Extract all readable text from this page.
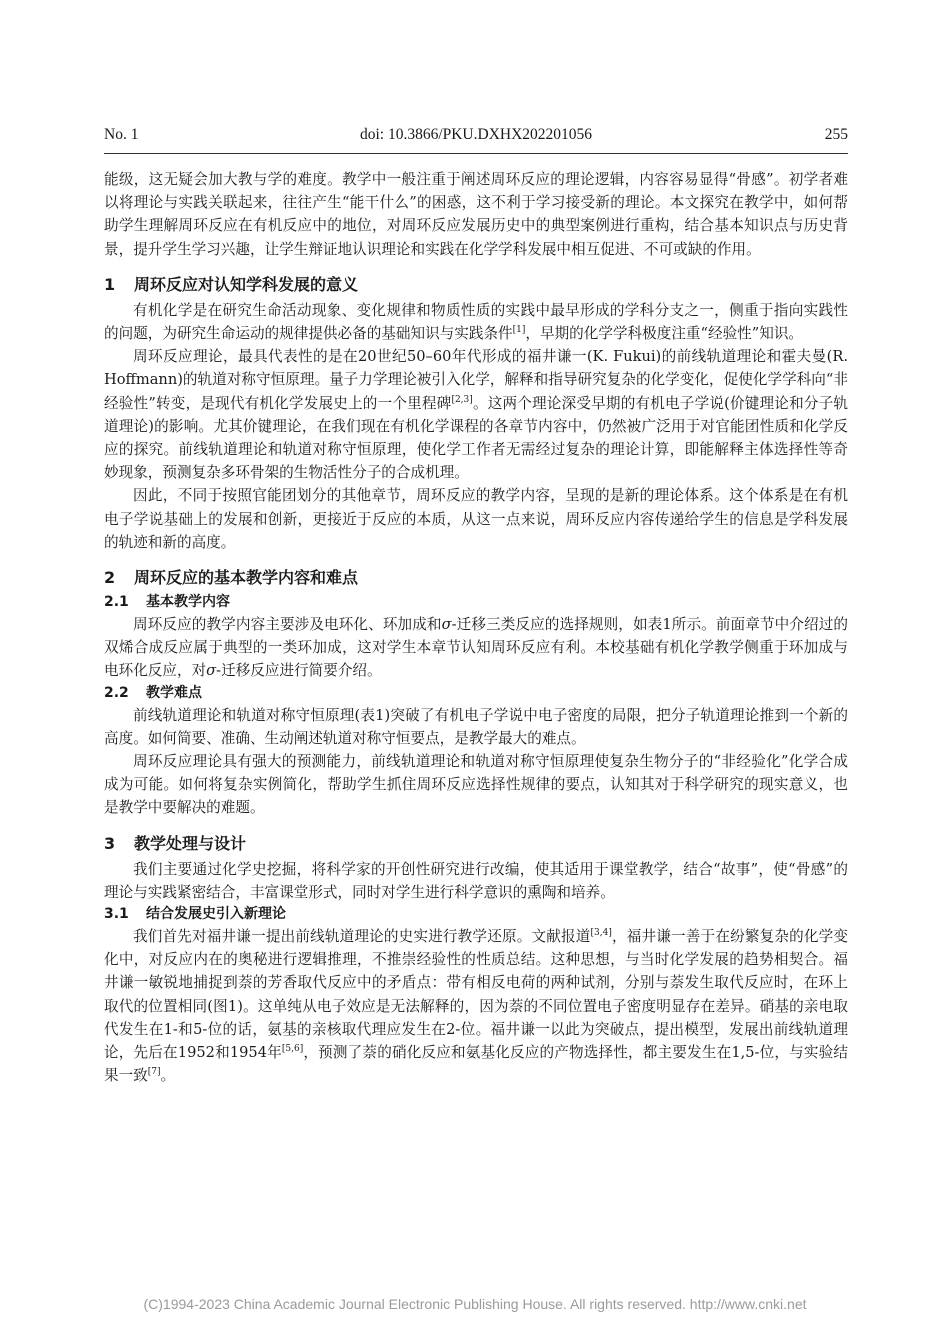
No. 1	doi: 10.3866/PKU.DXHX202201056	255

能级，这无疑会加大教与学的难度。教学中一般注重于阐述周环反应的理论逻辑，内容容易显得“骨感”。初学者难以将理论与实践关联起来，往往产生“能干什么”的困惑，这不利于学习接受新的理论。本文探究在教学中，如何帮助学生理解周环反应在有机反应中的地位，对周环反应发展历史中的典型案例进行重构，结合基本知识点与历史背景，提升学生学习兴趣，让学生辩证地认识理论和实践在化学学科发展中相互促进、不可或缺的作用。

1 周环反应对认知学科发展的意义

有机化学是在研究生命活动现象、变化规律和物质性质的实践中最早形成的学科分支之一，侧重于指向实践性的问题，为研究生命运动的规律提供必备的基础知识与实践条件[1]，早期的化学学科极度注重“经验性”知识。

周环反应理论，最具代表性的是在20世纪50–60年代形成的福井谦一(K. Fukui)的前线轨道理论和霍夫曼(R. Hoffmann)的轨道对称守恒原理。量子力学理论被引入化学，解释和指导研究复杂的化学变化，促使化学学科向“非经验性”转变，是现代有机化学发展史上的一个里程碑[2,3]。这两个理论深受早期的有机电子学说(价键理论和分子轨道理论)的影响。尤其价键理论，在我们现在有机化学课程的各章节内容中，仍然被广泛用于对官能团性质和化学反应的探究。前线轨道理论和轨道对称守恒原理，使化学工作者无需经过复杂的理论计算，即能解释主体选择性等奇妙现象，预测复杂多环骨架的生物活性分子的合成机理。

因此，不同于按照官能团划分的其他章节，周环反应的教学内容，呈现的是新的理论体系。这个体系是在有机电子学说基础上的发展和创新，更接近于反应的本质，从这一点来说，周环反应内容传递给学生的信息是学科发展的轨迹和新的高度。

2 周环反应的基本教学内容和难点
2.1 基本教学内容

周环反应的教学内容主要涉及电环化、环加成和σ-迁移三类反应的选择规则，如表1所示。前面章节中介绍过的双烯合成反应属于典型的一类环加成，这对学生本章节认知周环反应有利。本校基础有机化学教学侧重于环加成与电环化反应，对σ-迁移反应进行简要介绍。

2.2 教学难点

前线轨道理论和轨道对称守恒原理(表1)突破了有机电子学说中电子密度的局限，把分子轨道理论推到一个新的高度。如何简要、准确、生动阐述轨道对称守恒要点，是教学最大的难点。

周环反应理论具有强大的预测能力，前线轨道理论和轨道对称守恒原理使复杂生物分子的“非经验化”化学合成成为可能。如何将复杂实例简化，帮助学生抓住周环反应选择性规律的要点，认知其对于科学研究的现实意义，也是教学中要解决的难题。

3 教学处理与设计

我们主要通过化学史挖掘，将科学家的开创性研究进行改编，使其适用于课堂教学，结合“故事”，使“骨感”的理论与实践紧密结合，丰富课堂形式，同时对学生进行科学意识的熏陶和培养。

3.1 结合发展史引入新理论

我们首先对福井谦一提出前线轨道理论的史实进行教学还原。文献报道[3,4]，福井谦一善于在纷繁复杂的化学变化中，对反应内在的奥秘进行逻辑推理，不推崇经验性的性质总结。这种思想，与当时化学发展的趋势相契合。福井谦一敏锐地捕捉到萘的芳香取代反应中的矛盾点：带有相反电荷的两种试剂，分别与萘发生取代反应时，在环上取代的位置相同(图1)。这单纯从电子效应是无法解释的，因为萘的不同位置电子密度明显存在差异。硝基的亲电取代发生在1-和5-位的话，氨基的亲核取代理应发生在2-位。福井谦一以此为突破点，提出模型，发展出前线轨道理论，先后在1952和1954年[5,6]，预测了萘的硝化反应和氨基化反应的产物选择性，都主要发生在1,5-位，与实验结果一致[7]。

(C)1994-2023 China Academic Journal Electronic Publishing House. All rights reserved. http://www.cnki.net
